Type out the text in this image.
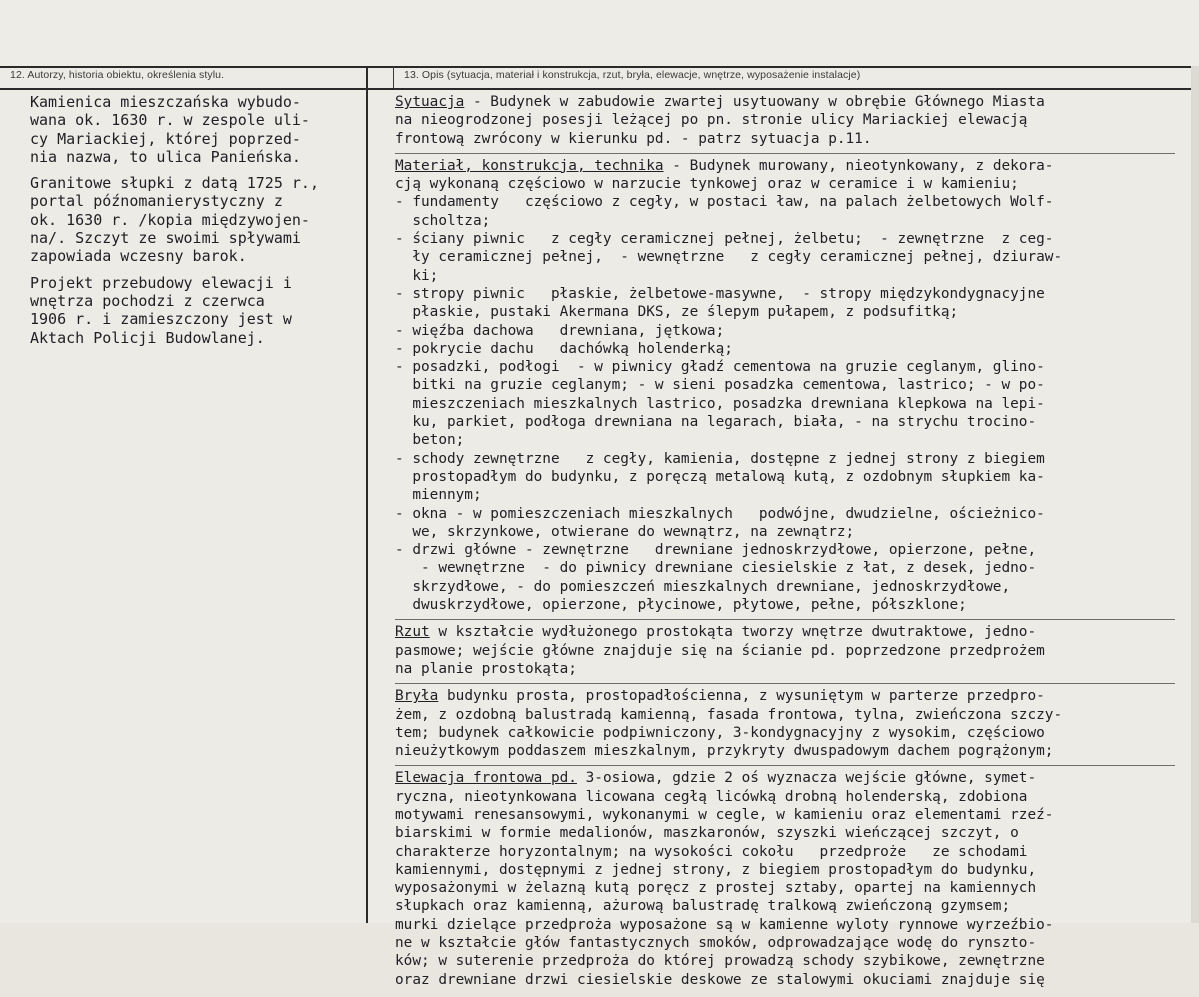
12. Autorzy, historia obiektu, określenia stylu.	13. Opis (sytuacja, materiał i konstrukcja, rzut, bryła, elewacje, wnętrze, wyposażenie instalacje)

Kamienica mieszczańska wybudo-
wana ok. 1630 r. w zespole uli-
cy Mariackiej, której poprzed-
nia nazwa, to ulica Panieńska.

Granitowe słupki z datą 1725 r.,
portal późnomanierystyczny z
ok. 1630 r. /kopia międzywojen-
na/. Szczyt ze swoimi spływami
zapowiada wczesny barok.

Projekt przebudowy elewacji i
wnętrza pochodzi z czerwca
1906 r. i zamieszczony jest w
Aktach Policji Budowlanej.

Sytuacja - Budynek w zabudowie zwartej usytuowany w obrębie Głównego Miasta
na nieogrodzonej posesji leżącej po pn. stronie ulicy Mariackiej elewacją
frontową zwrócony w kierunku pd. - patrz sytuacja p.11.
Materiał, konstrukcja, technika - Budynek murowany, nieotynkowany, z dekora-
cją wykonaną częściowo w narzucie tynkowej oraz w ceramice i w kamieniu;
- fundamenty   częściowo z cegły, w postaci ław, na palach żelbetowych Wolf-
scholtza;
- ściany piwnic   z cegły ceramicznej pełnej, żelbetu;  - zewnętrzne  z ceg-
ły ceramicznej pełnej,  - wewnętrzne   z cegły ceramicznej pełnej, dziuraw-
ki;
- stropy piwnic   płaskie, żelbetowe-masywne,  - stropy międzykondygnacyjne
płaskie, pustaki Akermana DKS, ze ślepym pułapem, z podsufitką;
- więźba dachowa   drewniana, jętkowa;
- pokrycie dachu   dachówką holenderką;
- posadzki, podłogi  - w piwnicy gładź cementowa na gruzie ceglanym, glino-
bitki na gruzie ceglanym; - w sieni posadzka cementowa, lastrico; - w po-
mieszczeniach mieszkalnych lastrico, posadzka drewniana klepkowa na lepi-
ku, parkiet, podłoga drewniana na legarach, biała, - na strychu trocino-
beton;
- schody zewnętrzne   z cegły, kamienia, dostępne z jednej strony z biegiem
prostopadłym do budynku, z poręczą metalową kutą, z ozdobnym słupkiem ka-
miennym;
- okna - w pomieszczeniach mieszkalnych   podwójne, dwudzielne, ościeżnico-
we, skrzynkowe, otwierane do wewnątrz, na zewnątrz;
- drzwi główne - zewnętrzne   drewniane jednoskrzydłowe, opierzone, pełne,
- wewnętrzne  - do piwnicy drewniane ciesielskie z łat, z desek, jedno-
skrzydłowe, - do pomieszczeń mieszkalnych drewniane, jednoskrzydłowe,
dwuskrzydłowe, opierzone, płycinowe, płytowe, pełne, półszklone;
Rzut w kształcie wydłużonego prostokąta tworzy wnętrze dwutraktowe, jedno-
pasmowe; wejście główne znajduje się na ścianie pd. poprzedzone przedprożem
na planie prostokąta;
Bryła budynku prosta, prostopadłościenna, z wysuniętym w parterze przedpro-
żem, z ozdobną balustradą kamienną, fasada frontowa, tylna, zwieńczona szczy-
tem; budynek całkowicie podpiwniczony, 3-kondygnacyjny z wysokim, częściowo
nieużytkowym poddaszem mieszkalnym, przykryty dwuspadowym dachem pogrążonym;
Elewacja frontowa pd. 3-osiowa, gdzie 2 oś wyznacza wejście główne, symet-
ryczna, nieotynkowana licowana cegłą licówką drobną holenderską, zdobiona
motywami renesansowymi, wykonanymi w cegle, w kamieniu oraz elementami rzeź-
biarskimi w formie medalionów, maszkaronów, szyszki wieńczącej szczyt, o
charakterze horyzontalnym; na wysokości cokołu   przedproże   ze schodami
kamiennymi, dostępnymi z jednej strony, z biegiem prostopadłym do budynku,
wyposażonymi w żelazną kutą poręcz z prostej sztaby, opartej na kamiennych
słupkach oraz kamienną, ażurową balustradę tralkową zwieńczoną gzymsem;
murki dzielące przedproża wyposażone są w kamienne wyloty rynnowe wyrzeźbio-
ne w kształcie głów fantastycznych smoków, odprowadzające wodę do rynszto-
ków; w suterenie przedproża do której prowadzą schody szybikowe, zewnętrzne
oraz drewniane drzwi ciesielskie deskowe ze stalowymi okuciami znajduje się
